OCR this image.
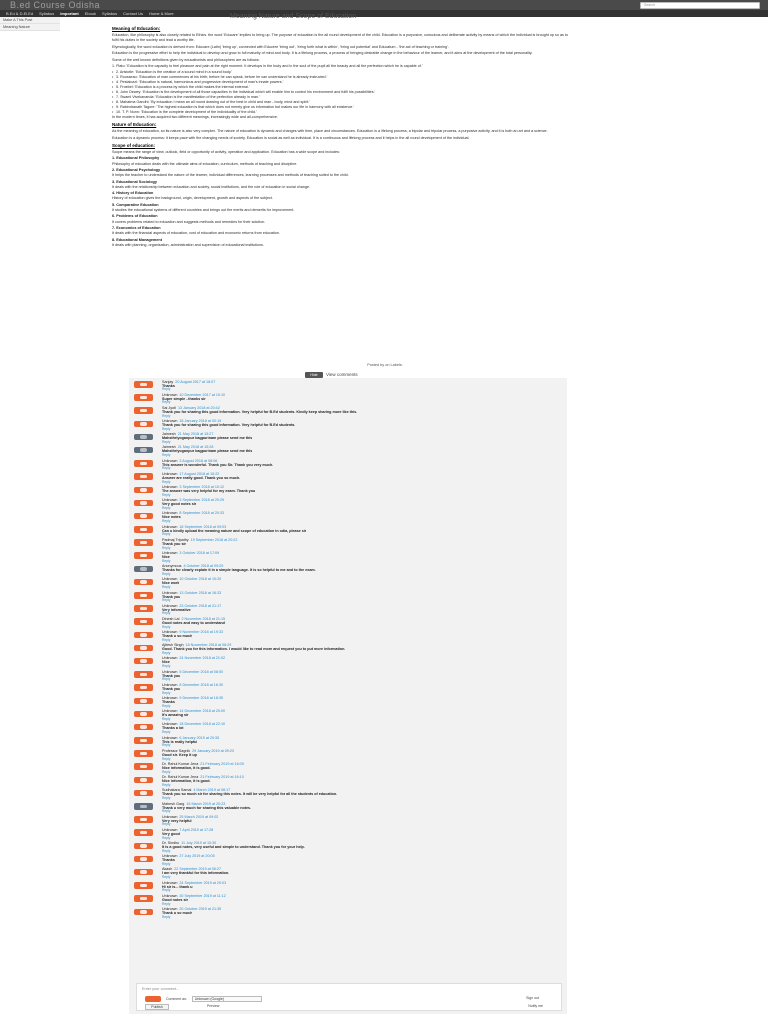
B.ed Course Odisha	Search
B.Ed & D.El.Ed Syllabus Important Ebook Syllabus Contact Us Home & More
Make A This Post
Meaning Nature
Meaning Nature and Scope of Education
Meaning of Education:
Education, like philosophy is also closely related to Ethics. the word 'Educare' implies to bring up. The purpose of education is the all round development of the child. Education is a purposive, conscious and deliberate activity by means of which the individual is brought up so as to fulfil his duties in the society and lead a worthy life.
Etymologically, the word education is derived from: Educare (Latin) 'bring up', connected with Educere 'bring out', 'bring forth what is within', 'bring out potential' and Educatum - 'the act of teaching or training'.
Education is the progressive effort to help the individual to develop and grow to full maturity of mind and body. It is a lifelong process, a process of bringing desirable change in the behaviour of the learner, and it aims at the development of the total personality.
Some of the well known definitions given by educationists and philosophers are as follows:
1. Plato: 'Education is the capacity to feel pleasure and pain at the right moment. It develops in the body and in the soul of the pupil all the beauty and all the perfection which he is capable of.'
• 2. Aristotle: 'Education is the creation of a sound mind in a sound body.'
• 3. Rousseau: 'Education of man commences at his birth; before he can speak, before he can understand he is already instructed.'
• 4. Pestalozzi: 'Education is natural, harmonious and progressive development of man's innate powers.'
• 5. Froebel: 'Education is a process by which the child makes the internal external.'
• 6. John Dewey: 'Education is the development of all those capacities in the individual which will enable him to control his environment and fulfil his possibilities.'
• 7. Swami Vivekananda: 'Education is the manifestation of the perfection already in man.'
• 8. Mahatma Gandhi: 'By education I mean an all round drawing out of the best in child and man - body, mind and spirit.'
• 9. Rabindranath Tagore: 'The highest education is that which does not merely give us information but makes our life in harmony with all existence.'
• 10. T. P. Nunn: 'Education is the complete development of the individuality of the child.'
In the modern times, it has acquired two different meanings, increasingly wide and all-comprehensive.
Nature of Education:
As the meaning of education, so its nature is also very complex. The nature of education is dynamic and changes with time, place and circumstances. Education is a lifelong process, a bipolar and tripolar process, a purposive activity, and it is both an art and a science.
Education is a dynamic process: it keeps pace with the changing needs of society. Education is social as well as individual. It is a continuous and lifelong process and it helps in the all round development of the individual.
Scope of education:
Scope means the range of view, outlook, field or opportunity of activity, operation and application. Education has a wide scope and includes:
1. Educational Philosophy
Philosophy of education deals with the ultimate aims of education, curriculum, methods of teaching and discipline.
2. Educational Psychology
It helps the teacher to understand the nature of the learner, individual differences, learning processes and methods of teaching suited to the child.
3. Educational Sociology
It deals with the relationship between education and society, social institutions, and the role of education in social change.
4. History of Education
History of education gives the background, origin, development, growth and aspects of the subject.
5. Comparative Education
It studies the educational systems of different countries and brings out the merits and demerits for improvement.
6. Problems of Education
It covers problems related to education and suggests methods and remedies for their solution.
7. Economics of Education
It deals with the financial aspects of education, cost of education and economic returns from education.
8. Educational Management
It deals with planning, organisation, administration and supervision of educational institutions.
Posted by on Labels:
Hide	View comments
Sanjay 20 August 2017 at 16:07
Thanks
Reply
Unknown 10 December 2017 at 10:10
Super simple ..thanks sir
Reply
Sai Jyoti 13 January 2018 at 20:42
Thank you for sharing this good information. Very helpful for B.Ed students. Kindly keep sharing more like this.
Reply
Unknown 18 January 2018 at 00:19
Thank you for sharing this good information. Very helpful for B.Ed students.
Reply
Jaimesh 21 May 2018 at 15:27
Mahsthriyoganpur bagpurinam please send me this
Reply
Jaimesh 21 May 2018 at 15:28
Mahsthriyoganpur bagpurinam please send me this
Reply
Unknown 3 August 2018 at 08:06
This answer is wonderful. Thank you Sir. Thank you very much.
Reply
Unknown 17 August 2018 at 15:22
Answer are really good. Thank you so much.
Reply
Unknown 3 September 2018 at 10:12
The answer was very helpful for my exam. Thank you
Reply
Unknown 3 September 2018 at 20:29
Very good notes sir
Reply
Unknown 8 September 2018 at 20:33
Nice notes
Reply
Unknown 18 September 2018 at 09:03
Can u kindly upload the meaning nature and scope of education in odia, please sir
Reply
Padmaj Tripathy 19 September 2018 at 20:22
Thank you sir
Reply
Unknown 3 October 2018 at 17:09
Nice
Reply
Anonymous 4 October 2018 at 09:29
Thanks for clearly explain it in a simple language. It is so helpful to me and to the exam.
Reply
Unknown 10 October 2018 at 10:20
Nice work
Reply
Unknown 13 October 2018 at 16:33
Thank you
Reply
Unknown 23 October 2018 at 21:17
Very informative
Reply
Dinesh Lal 2 November 2018 at 21:15
Good notes and easy to understand
Reply
Unknown 9 November 2018 at 19:33
Thank u so much
Reply
Ajitesh Singh 18 November 2018 at 08:29
Good. Thank you for this information. I would like to read more and request you to put more information.
Reply
Unknown 24 November 2018 at 21:02
Nice
Reply
Unknown 5 December 2018 at 08:00
Thank you
Reply
Unknown 8 December 2018 at 16:30
Thank you
Reply
Unknown 9 December 2018 at 18:35
Thanks
Reply
Unknown 14 December 2018 at 20:00
It's amazing sir
Reply
Unknown 18 December 2018 at 22:10
Thanks a lot
Reply
Unknown 6 January 2019 at 20:35
This is really helpful
Reply
Professor Sagnik 29 January 2019 at 09:23
Good sir. Keep it up
Reply
Dr. Rahul Kumar Jena 21 February 2019 at 16:09
Nice information, it is good.
Reply
Dr. Rahul Kumar Jena 21 February 2019 at 16:10
Nice information, it is good.
Reply
Sudhakara Samal 4 March 2019 at 08:17
Thank you so much sir for sharing this notes. It will be very helpful for all the students of education.
Reply
Mahesh Garg 15 March 2019 at 20:23
Thank u very much for sharing this valuable notes.
Reply
Unknown 25 March 2019 at 09:02
Very very helpful
Reply
Unknown 7 April 2019 at 17:28
Very good
Reply
Dr. Sindhu 11 July 2019 at 10:30
It is a good notes, very useful and simple to understand. Thank you for your help.
Reply
Unknown 27 July 2019 at 20:05
Thanks
Reply
Akash 22 September 2019 at 06:27
I am very thankful for this information.
Reply
Unknown 24 September 2019 at 20:03
Hi sir is... thank u
Reply
Unknown 30 September 2019 at 11:12
Good notes sir
Reply
Unknown 20 October 2019 at 21:35
Thank u so much
Reply
Enter your comment...
Comment as:	Unknown (Google)	Sign out
Publish	Preview	Notify me
